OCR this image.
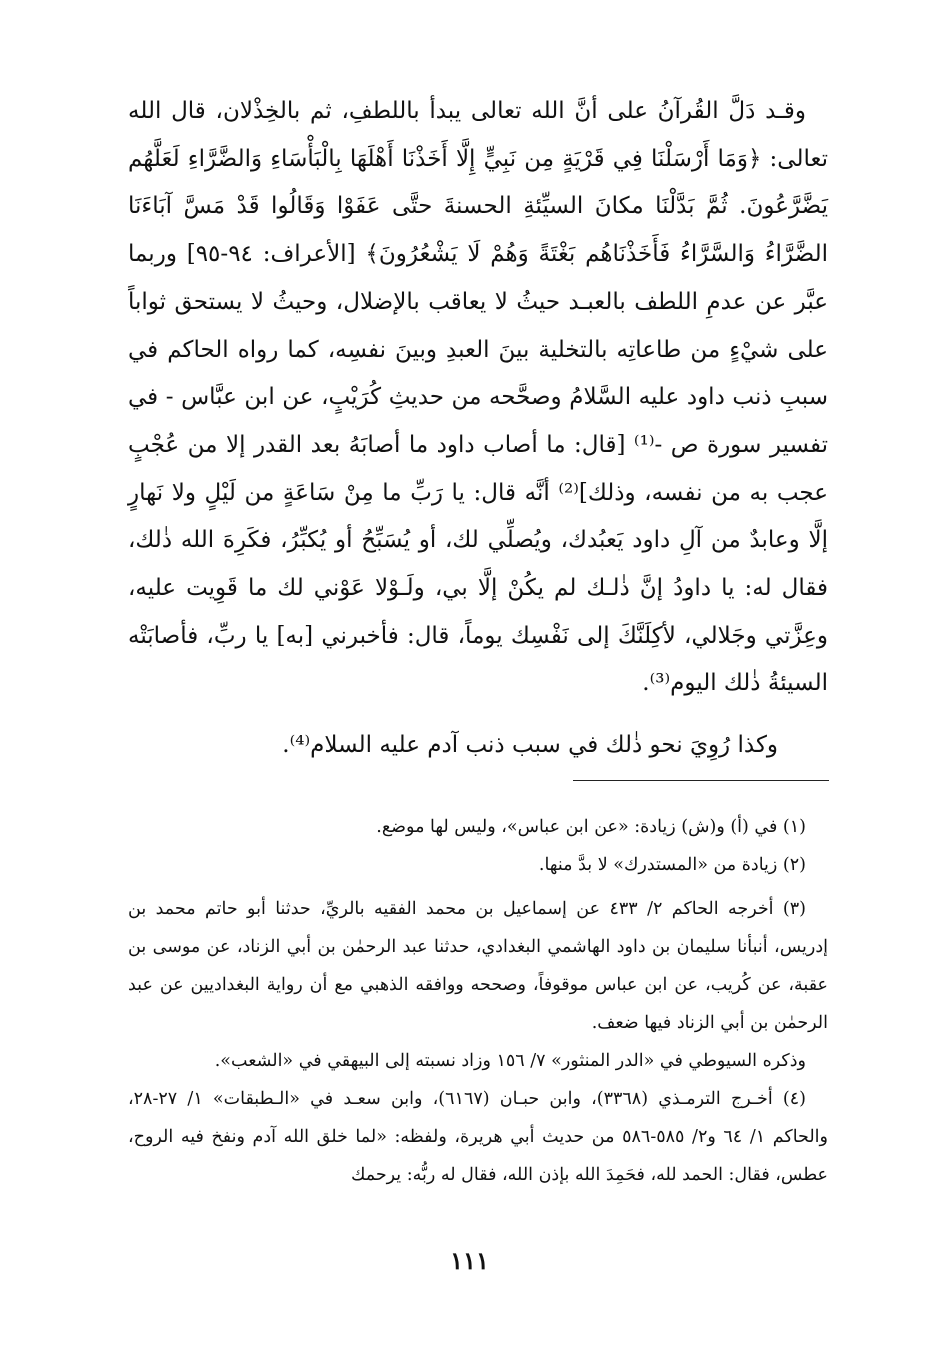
وقـد دَلَّ القُرآنُ على أنَّ الله تعالى يبدأ باللطفِ، ثم بالخِذْلان، قال الله تعالى: ﴿وَمَا أَرْسَلْنَا فِي قَرْيَةٍ مِن نَبِيٍّ إِلَّا أَخَذْنَا أَهْلَهَا بِالْبَأْسَاءِ وَالضَّرَّاءِ لَعَلَّهُم يَضَّرَّعُونَ. ثُمَّ بَدَّلْنَا مكانَ السيِّئةِ الحسنةَ حتَّى عَفَوْا وَقَالُوا قَدْ مَسَّ آبَاءَنَا الضَّرَّاءُ وَالسَّرَّاءُ فَأَخَذْنَاهُم بَغْتَةً وَهُمْ لَا يَشْعُرُونَ﴾ [الأعراف: ٩٤-٩٥] وربما عبَّر عن عدمِ اللطف بالعبـد حيثُ لا يعاقب بالإضلال، وحيثُ لا يستحق ثواباً على شيْءٍ من طاعاتِه بالتخلية بينَ العبدِ وبينَ نفسِه، كما رواه الحاكم في سببِ ذنب داود عليه السَّلامُ وصحَّحه من حديثِ كُرَيْبٍ، عن ابن عبَّاس - في تفسير سورة ص -⁽¹⁾ [قال: ما أصاب داود ما أصابَهُ بعد القدر إلا من عُجْبٍ عجب به من نفسه، وذلك]⁽²⁾ أنَّه قال: يا رَبِّ ما مِنْ سَاعَةٍ من لَيْلٍ ولا نَهارٍ إلَّا وعابدٌ من آلِ داود يَعبُدك، ويُصلِّي لك، أو يُسَبِّحُ أو يُكبِّرُ، فكَرِهَ الله ذٰلك، فقال له: يا داودُ إنَّ ذٰلـك لم يكُنْ إلَّا بي، ولَـوْلا عَوْني لك ما قَوِيت عليه، وعِزَّتي وجَلالي، لأكِلَنَّكَ إلى نَفْسِك يوماً، قال: فأخبرني [به] يا ربِّ، فأصابَتْه السيئةُ ذٰلك اليوم⁽³⁾.

وكذا رُوِيَ نحو ذٰلك في سبب ذنب آدم عليه السلام⁽⁴⁾.

(١) في (أ) و(ش) زيادة: «عن ابن عباس»، وليس لها موضع.

(٢) زيادة من «المستدرك» لا بدَّ منها.

(٣) أخرجه الحاكم ٢/ ٤٣٣ عن إسماعيل بن محمد الفقيه بالريِّ، حدثنا أبو حاتم محمد بن إدريس، أنبأنا سليمان بن داود الهاشمي البغدادي، حدثنا عبد الرحمٰن بن أبي الزناد، عن موسى بن عقبة، عن كُريب، عن ابن عباس موقوفاً، وصححه ووافقه الذهبي مع أن رواية البغداديين عن عبد الرحمٰن بن أبي الزناد فيها ضعف.

وذكره السيوطي في «الدر المنثور» ٧/ ١٥٦ وزاد نسبته إلى البيهقي في «الشعب».

(٤) أخـرج الترمـذي (٣٣٦٨)، وابن حبـان (٦١٦٧)، وابن سعـد في «الـطبقات» ١/ ٢٧-٢٨، والحاكم ١/ ٦٤ و٢/ ٥٨٥-٥٨٦ من حديث أبي هريرة، ولفظه: «لما خلق الله آدم ونفخ فيه الروح، عطس، فقال: الحمد لله، فحَمِدَ الله بإذن الله، فقال له ربُّه: يرحمك

١١١
